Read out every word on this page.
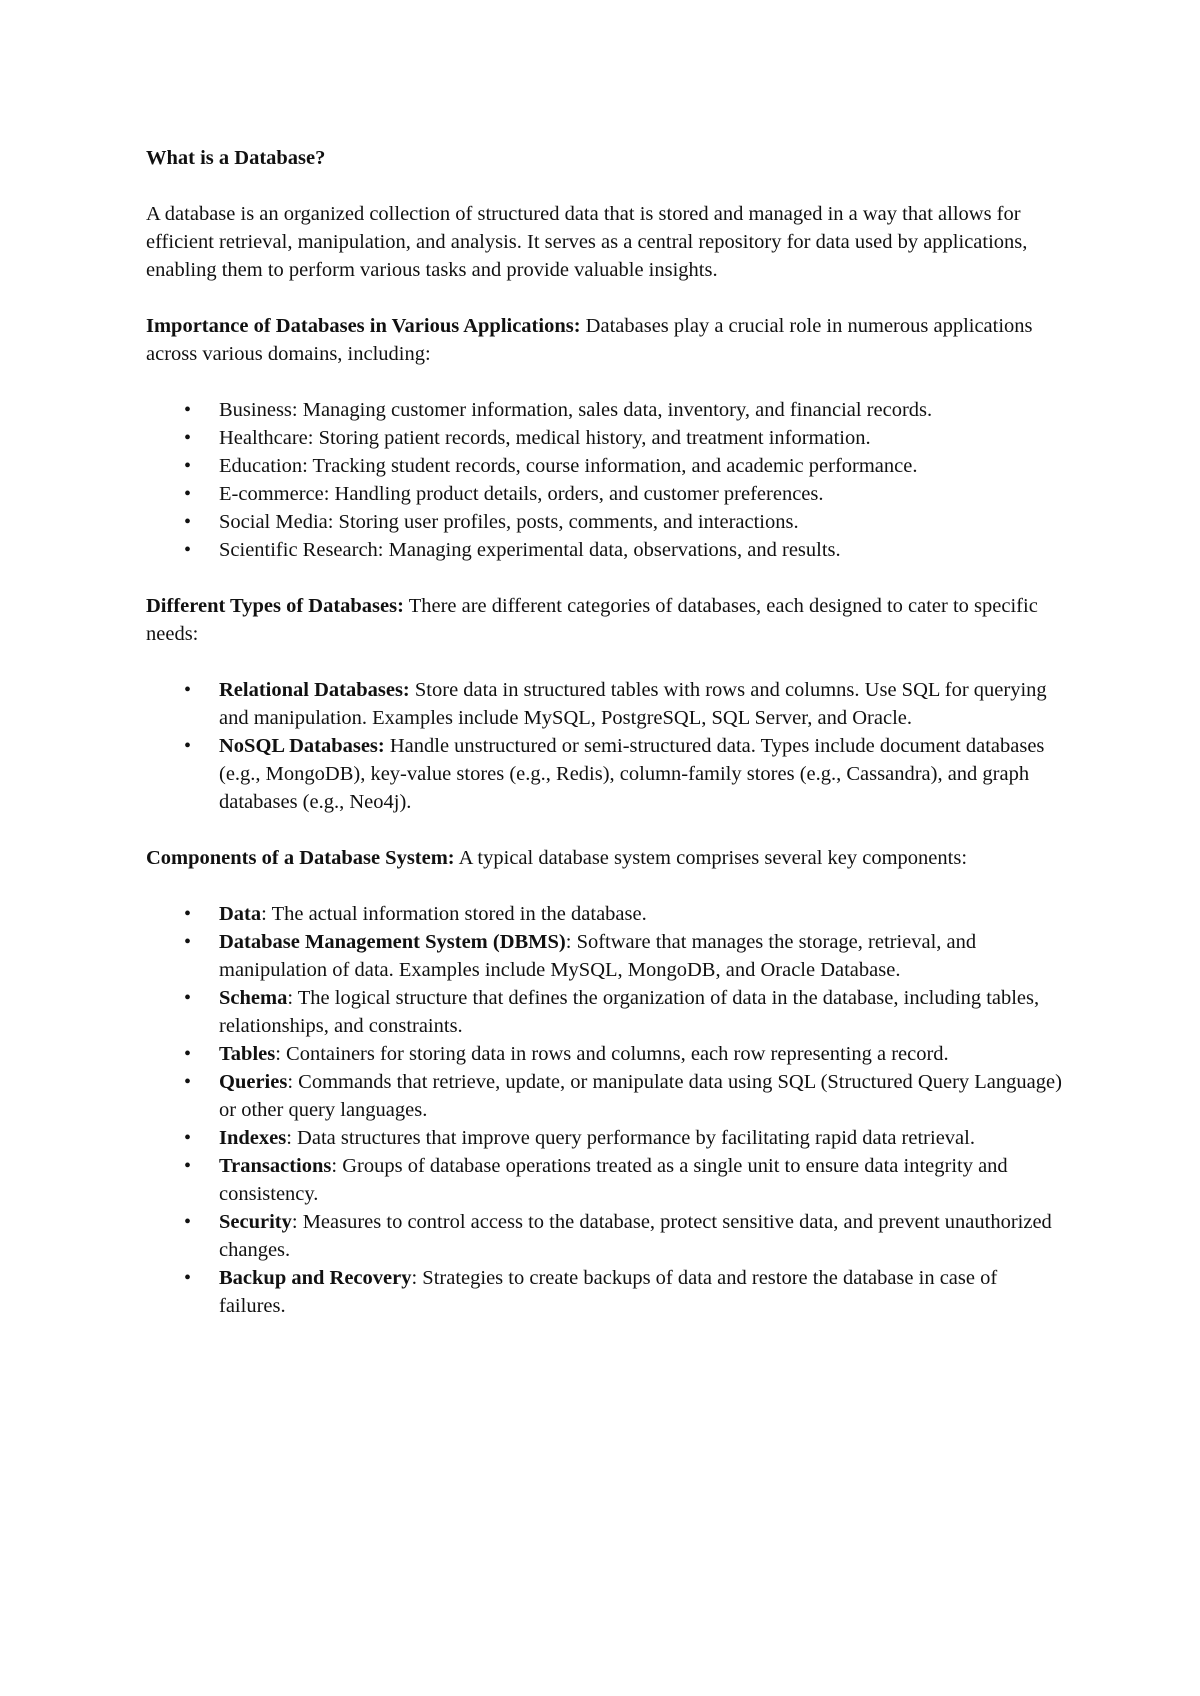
What is a Database?

A database is an organized collection of structured data that is stored and managed in a way that allows for efficient retrieval, manipulation, and analysis. It serves as a central repository for data used by applications, enabling them to perform various tasks and provide valuable insights.

Importance of Databases in Various Applications: Databases play a crucial role in numerous applications across various domains, including:

• Business: Managing customer information, sales data, inventory, and financial records.
• Healthcare: Storing patient records, medical history, and treatment information.
• Education: Tracking student records, course information, and academic performance.
• E-commerce: Handling product details, orders, and customer preferences.
• Social Media: Storing user profiles, posts, comments, and interactions.
• Scientific Research: Managing experimental data, observations, and results.

Different Types of Databases: There are different categories of databases, each designed to cater to specific needs:

• Relational Databases: Store data in structured tables with rows and columns. Use SQL for querying and manipulation. Examples include MySQL, PostgreSQL, SQL Server, and Oracle.
• NoSQL Databases: Handle unstructured or semi-structured data. Types include document databases (e.g., MongoDB), key-value stores (e.g., Redis), column-family stores (e.g., Cassandra), and graph databases (e.g., Neo4j).

Components of a Database System: A typical database system comprises several key components:

• Data: The actual information stored in the database.
• Database Management System (DBMS): Software that manages the storage, retrieval, and manipulation of data. Examples include MySQL, MongoDB, and Oracle Database.
• Schema: The logical structure that defines the organization of data in the database, including tables, relationships, and constraints.
• Tables: Containers for storing data in rows and columns, each row representing a record.
• Queries: Commands that retrieve, update, or manipulate data using SQL (Structured Query Language) or other query languages.
• Indexes: Data structures that improve query performance by facilitating rapid data retrieval.
• Transactions: Groups of database operations treated as a single unit to ensure data integrity and consistency.
• Security: Measures to control access to the database, protect sensitive data, and prevent unauthorized changes.
• Backup and Recovery: Strategies to create backups of data and restore the database in case of failures.
